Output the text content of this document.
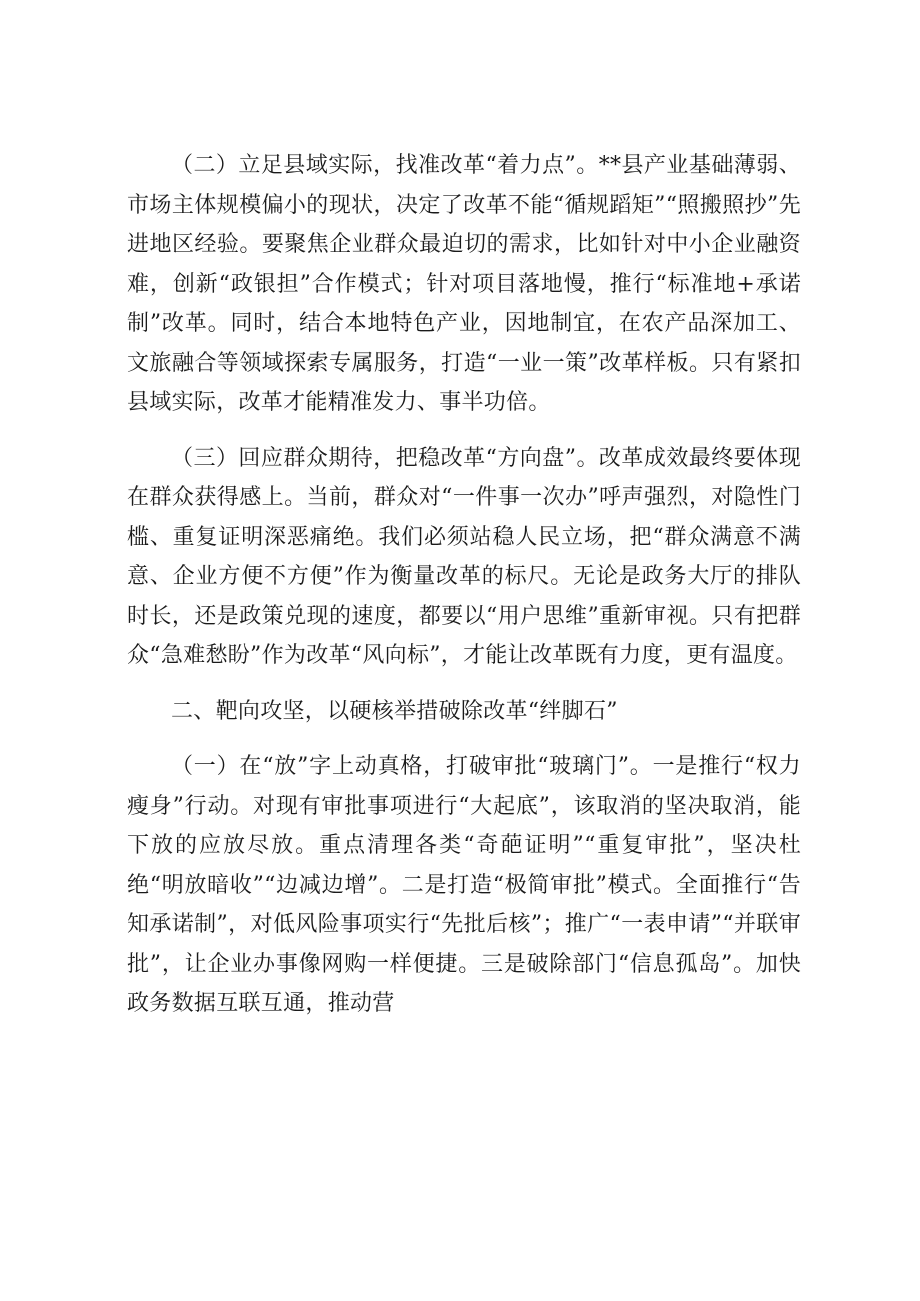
（二）立足县域实际，找准改革“着力点”。**县产业基础薄弱、市场主体规模偏小的现状，决定了改革不能“循规蹈矩”“照搬照抄”先进地区经验。要聚焦企业群众最迫切的需求，比如针对中小企业融资难，创新“政银担”合作模式；针对项目落地慢，推行“标准地+承诺制”改革。同时，结合本地特色产业，因地制宜，在农产品深加工、文旅融合等领域探索专属服务，打造“一业一策”改革样板。只有紧扣县域实际，改革才能精准发力、事半功倍。

（三）回应群众期待，把稳改革“方向盘”。改革成效最终要体现在群众获得感上。当前，群众对“一件事一次办”呼声强烈，对隐性门槛、重复证明深恶痛绝。我们必须站稳人民立场，把“群众满意不满意、企业方便不方便”作为衡量改革的标尺。无论是政务大厅的排队时长，还是政策兑现的速度，都要以“用户思维”重新审视。只有把群众“急难愁盼”作为改革“风向标”，才能让改革既有力度，更有温度。

二、靶向攻坚，以硬核举措破除改革“绊脚石”

（一）在“放”字上动真格，打破审批“玻璃门”。一是推行“权力瘦身”行动。对现有审批事项进行“大起底”，该取消的坚决取消，能下放的应放尽放。重点清理各类“奇葩证明”“重复审批”，坚决杜绝“明放暗收”“边减边增”。二是打造“极简审批”模式。全面推行“告知承诺制”，对低风险事项实行“先批后核”；推广“一表申请”“并联审批”，让企业办事像网购一样便捷。三是破除部门“信息孤岛”。加快政务数据互联互通，推动营
